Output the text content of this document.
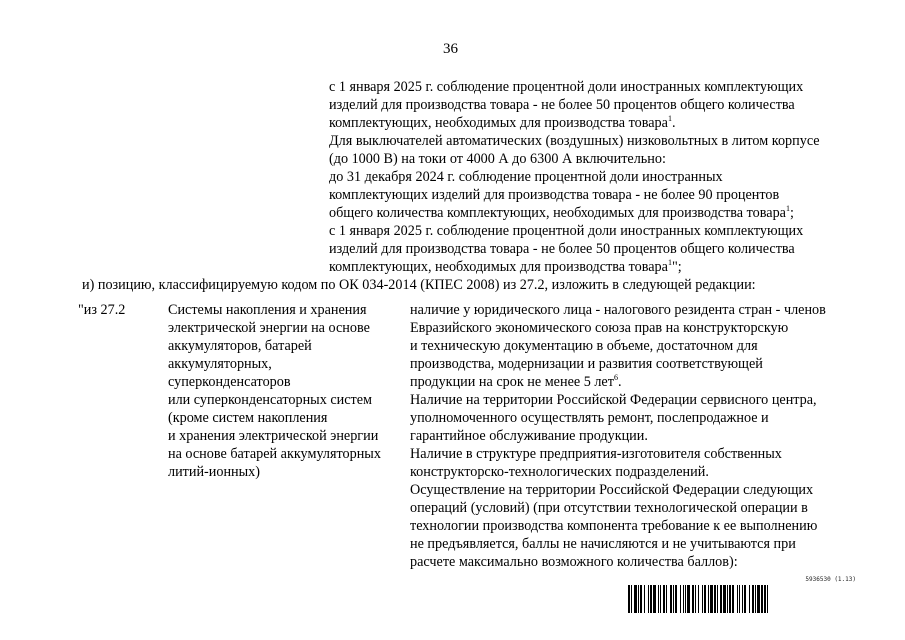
36

с 1 января 2025 г. соблюдение процентной доли иностранных комплектующих

изделий для производства товара - не более 50 процентов общего количества

комплектующих, необходимых для производства товара$^1$.

Для выключателей автоматических (воздушных) низковольтных в литом корпусе

(до 1000 В) на токи от 4000 А до 6300 А включительно:

до 31 декабря 2024 г. соблюдение процентной доли иностранных

комплектующих изделий для производства товара - не более 90 процентов

общего количества комплектующих, необходимых для производства товара$^1$;

с 1 января 2025 г. соблюдение процентной доли иностранных комплектующих

изделий для производства товара - не более 50 процентов общего количества

комплектующих, необходимых для производства товара$^1$";

и) позицию, классифицируемую кодом по ОК 034-2014 (КПЕС 2008) из 27.2, изложить в следующей редакции:

"из 27.2	Системы накопления и хранения

электрической энергии на основе

аккумуляторов, батарей

аккумуляторных,

суперконденсаторов

или суперконденсаторных систем

(кроме систем накопления

и хранения электрической энергии

на основе батарей аккумуляторных

литий-ионных)

наличие у юридического лица - налогового резидента стран - членов

Евразийского экономического союза прав на конструкторскую

и техническую документацию в объеме, достаточном для

производства, модернизации и развития соответствующей

продукции на срок не менее 5 лет$^6$.

Наличие на территории Российской Федерации сервисного центра,

уполномоченного осуществлять ремонт, послепродажное и

гарантийное обслуживание продукции.

Наличие в структуре предприятия-изготовителя собственных

конструкторско-технологических подразделений.

Осуществление на территории Российской Федерации следующих

операций (условий) (при отсутствии технологической операции в

технологии производства компонента требование к ее выполнению

не предъявляется, баллы не начисляются и не учитываются при

расчете максимально возможного количества баллов):

5936530 (1.13)
